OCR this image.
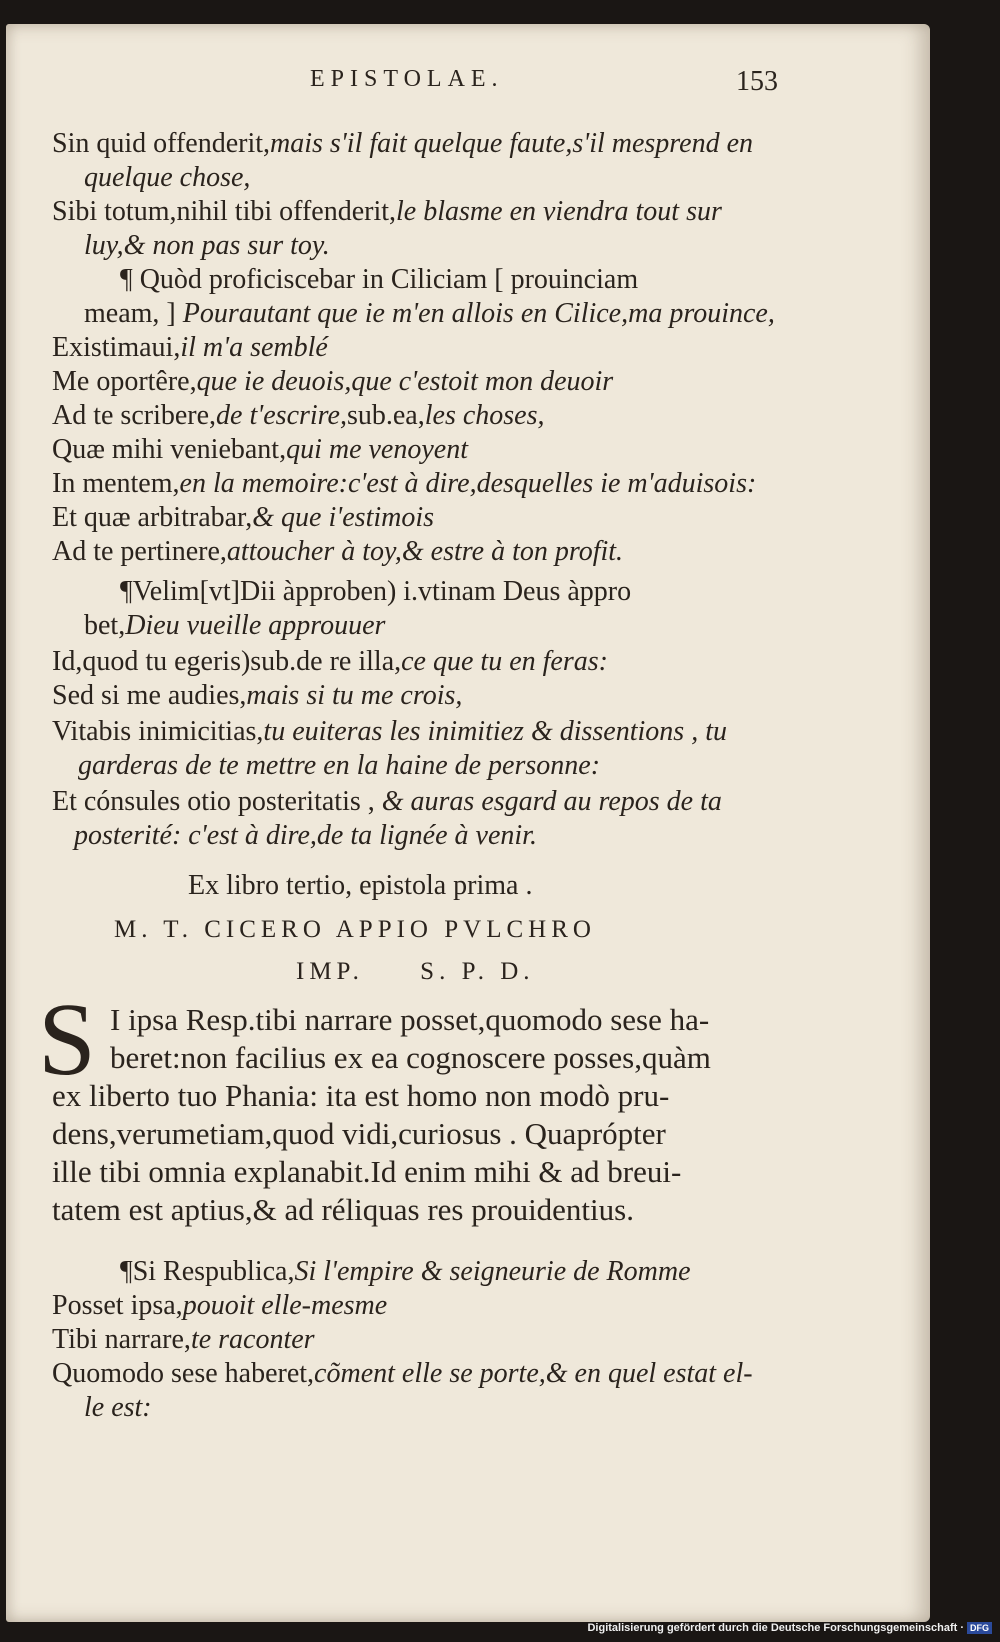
EPISTOLAE.	153
Sin quid offenderit,mais s'il fait quelque faute,s'il mesprend en
quelque chose,
Sibi totum,nihil tibi offenderit,le blasme en viendra tout sur
luy,& non pas sur toy.
¶ Quòd proficiscebar in Ciliciam [ prouinciam
meam, ] Pourautant que ie m'en allois en Cilice,ma prouince,
Existimaui,il m'a semblé
Me oportêre,que ie deuois,que c'estoit mon deuoir
Ad te scribere,de t'escrire,sub.ea,les choses,
Quæ mihi veniebant,qui me venoyent
In mentem,en la memoire:c'est à dire,desquelles ie m'aduisois:
Et quæ arbitrabar,& que i'estimois
Ad te pertinere,attoucher à toy,& estre à ton profit.
¶Velim[vt]Dii àpproben) i.vtinam Deus àppro
bet,Dieu vueille approuuer
Id,quod tu egeris)sub.de re illa,ce que tu en feras:
Sed si me audies,mais si tu me crois,
Vitabis inimicitias,tu euiteras les inimitiez & dissentions , tu
garderas de te mettre en la haine de personne:
Et cónsules otio posteritatis , & auras esgard au repos de ta
posterité: c'est à dire,de ta lignée à venir.
Ex libro tertio, epistola prima .
M. T. CICERO APPIO PVLCHRO
IMP.     S. P. D.
S I ipsa Resp.tibi narrare posset,quomodo sese ha-
beret:non facilius ex ea cognoscere posses,quàm
ex liberto tuo Phania: ita est homo non modò pru-
dens,verumetiam,quod vidi,curiosus . Quaprópter
ille tibi omnia explanabit.Id enim mihi & ad breui-
tatem est aptius,& ad réliquas res prouidentius.
¶Si Respublica,Si l'empire & seigneurie de Romme
Posset ipsa,pouoit elle-mesme
Tibi narrare,te raconter
Quomodo sese haberet,cõment elle se porte,& en quel estat el-
le est:
Digitalisierung gefördert durch die Deutsche Forschungsgemeinschaft · DFG
